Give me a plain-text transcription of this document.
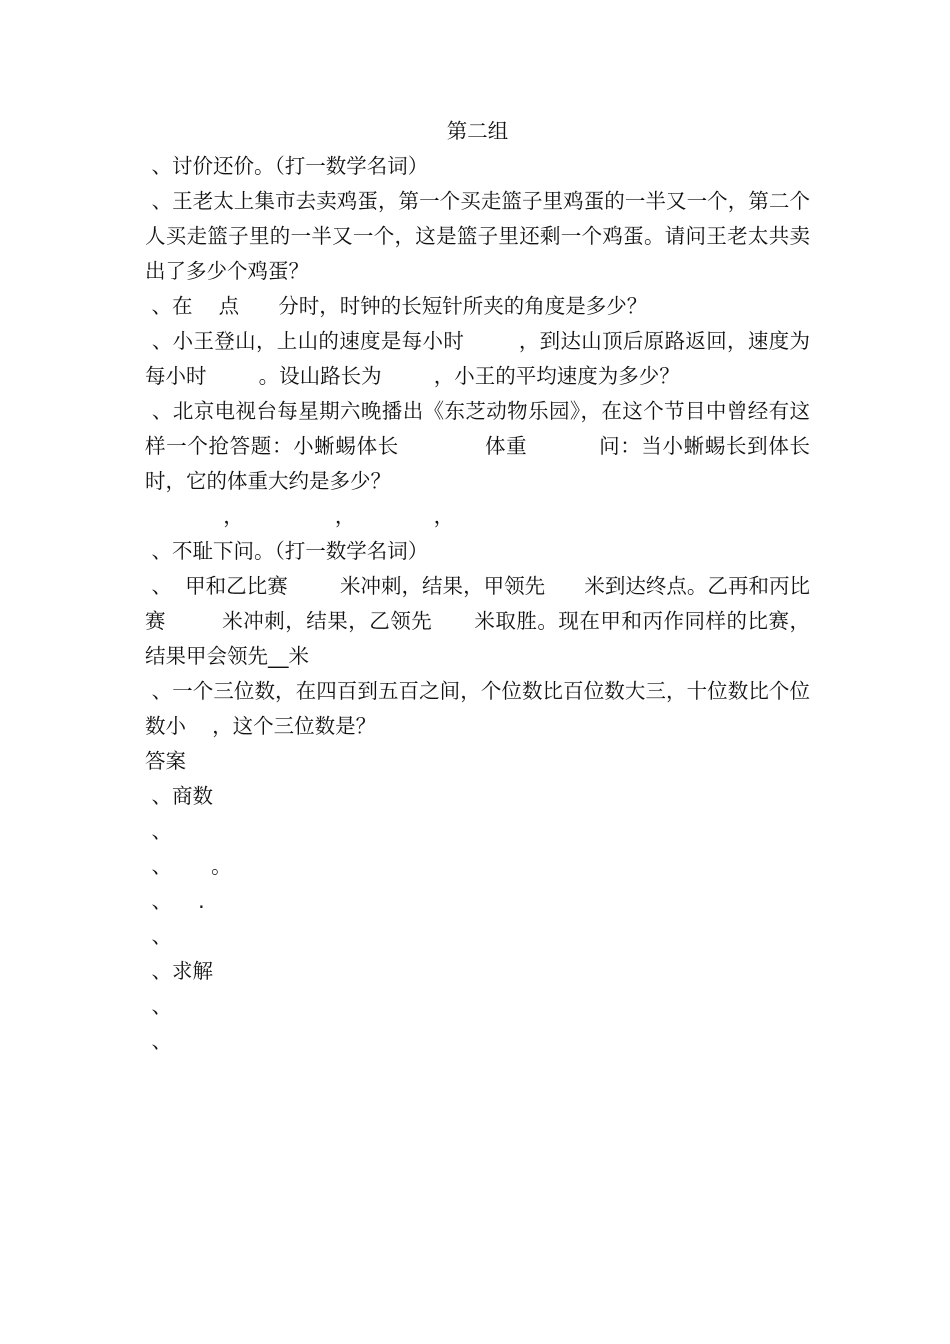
第二组
、讨价还价。（打一数学名词）
、王老太上集市去卖鸡蛋，第一个买走篮子里鸡蛋的一半又一个，第二个人买走篮子里的一半又一个，这是篮子里还剩一个鸡蛋。请问王老太共卖出了多少个鸡蛋？
、在    点      分时，时钟的长短针所夹的角度是多少？
、小王登山，上山的速度是每小时        ，到达山顶后原路返回，速度为每小时        。设山路长为        ，小王的平均速度为多少？
、北京电视台每星期六晚播出《东芝动物乐园》，在这个节目中曾经有这样一个抢答题：小蜥蜴体长            体重          问：当小蜥蜴长到体长          时，它的体重大约是多少？
，              ，            ，
、不耻下问。（打一数学名词）
、  甲和乙比赛        米冲刺，结果，甲领先      米到达终点。乙再和丙比赛        米冲刺，结果，乙领先      米取胜。现在甲和丙作同样的比赛，结果甲会领先__米
、一个三位数，在四百到五百之间，个位数比百位数大三，十位数比个位数小    ，这个三位数是？
答案
、商数
、
、      。
、    .
、
、求解
、
、
